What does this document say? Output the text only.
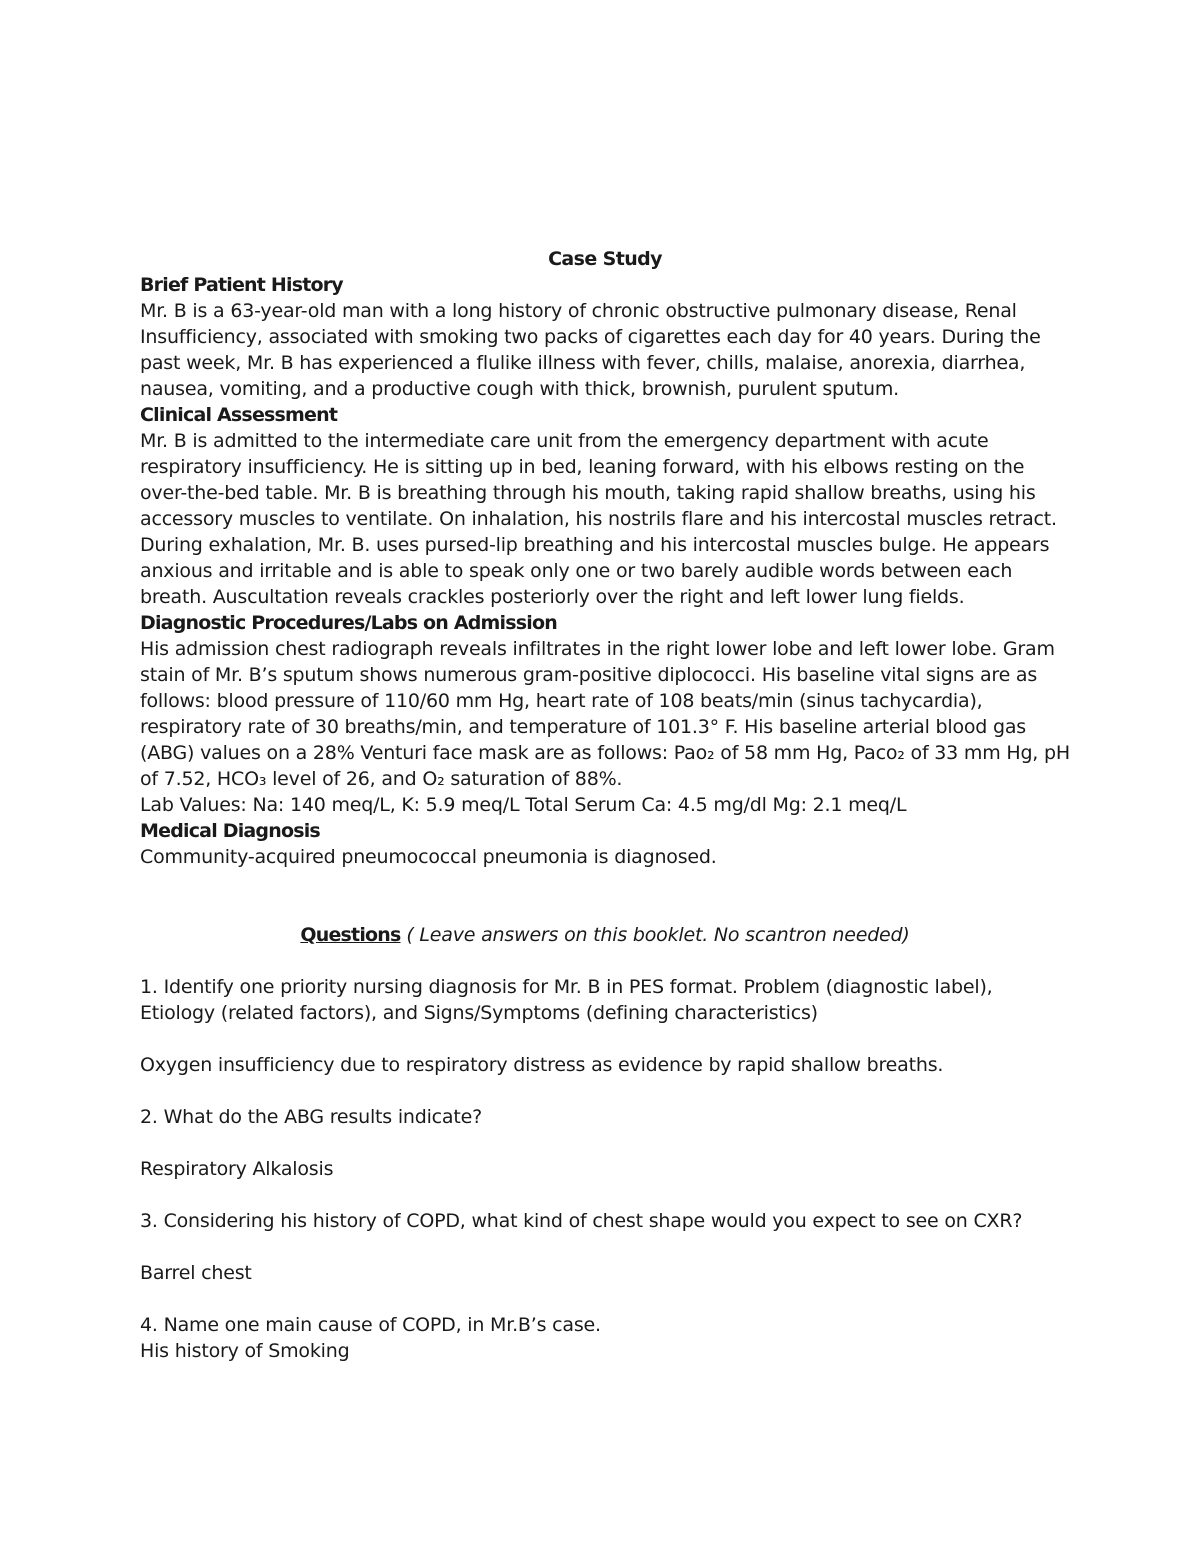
Case Study

Brief Patient History

Mr. B is a 63-year-old man with a long history of chronic obstructive pulmonary disease, Renal Insufficiency, associated with smoking two packs of cigarettes each day for 40 years. During the past week, Mr. B has experienced a flulike illness with fever, chills, malaise, anorexia, diarrhea, nausea, vomiting, and a productive cough with thick, brownish, purulent sputum.

Clinical Assessment

Mr. B is admitted to the intermediate care unit from the emergency department with acute respiratory insufficiency. He is sitting up in bed, leaning forward, with his elbows resting on the over-the-bed table. Mr. B is breathing through his mouth, taking rapid shallow breaths, using his accessory muscles to ventilate. On inhalation, his nostrils flare and his intercostal muscles retract. During exhalation, Mr. B. uses pursed-lip breathing and his intercostal muscles bulge. He appears anxious and irritable and is able to speak only one or two barely audible words between each breath. Auscultation reveals crackles posteriorly over the right and left lower lung fields.

Diagnostic Procedures/Labs on Admission

His admission chest radiograph reveals infiltrates in the right lower lobe and left lower lobe. Gram stain of Mr. B’s sputum shows numerous gram-positive diplococci. His baseline vital signs are as follows: blood pressure of 110/60 mm Hg, heart rate of 108 beats/min (sinus tachycardia), respiratory rate of 30 breaths/min, and temperature of 101.3° F. His baseline arterial blood gas (ABG) values on a 28% Venturi face mask are as follows: Pao₂ of 58 mm Hg, Paco₂ of 33 mm Hg, pH of 7.52, HCO₃ level of 26, and O₂ saturation of 88%.

Lab Values: Na: 140 meq/L, K: 5.9 meq/L Total Serum Ca: 4.5 mg/dl Mg: 2.1 meq/L

Medical Diagnosis

Community-acquired pneumococcal pneumonia is diagnosed.

Questions ( Leave answers on this booklet. No scantron needed)

1. Identify one priority nursing diagnosis for Mr. B in PES format. Problem (diagnostic label), Etiology (related factors), and Signs/Symptoms (defining characteristics)

Oxygen insufficiency due to respiratory distress as evidence by rapid shallow breaths.

2. What do the ABG results indicate?

Respiratory Alkalosis

3. Considering his history of COPD, what kind of chest shape would you expect to see on CXR?

Barrel chest

4. Name one main cause of COPD, in Mr.B’s case.

His history of Smoking
